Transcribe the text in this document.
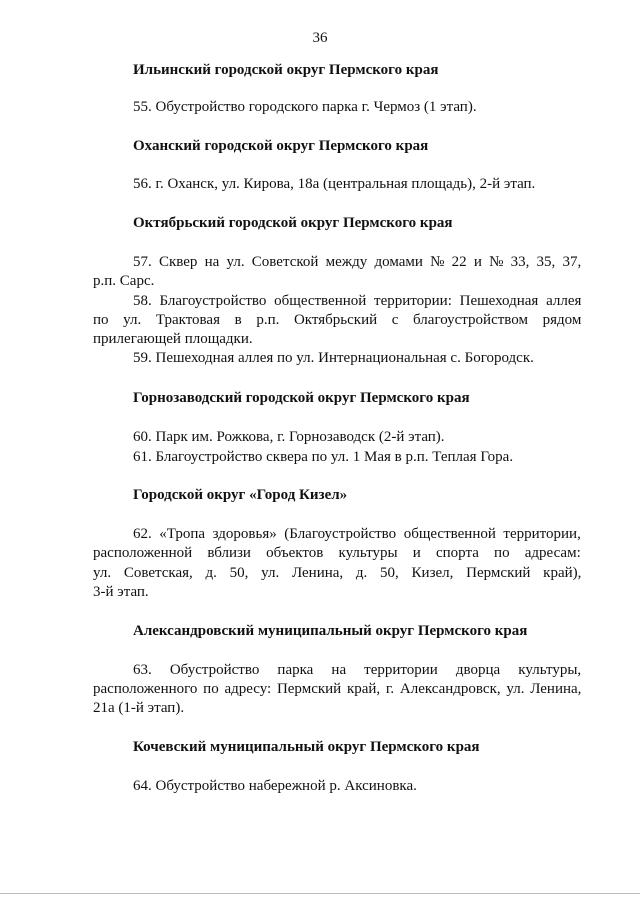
36
Ильинский городской округ Пермского края
55. Обустройство городского парка г. Чермоз (1 этап).
Оханский городской округ Пермского края
56. г. Оханск, ул. Кирова, 18а (центральная площадь), 2-й этап.
Октябрьский городской округ Пермского края
57. Сквер на ул. Советской между домами № 22 и № 33, 35, 37,
р.п. Сарс.
58. Благоустройство общественной территории: Пешеходная аллея
по ул. Трактовая в р.п. Октябрьский с благоустройством рядом
прилегающей площадки.
59. Пешеходная аллея по ул. Интернациональная с. Богородск.
Горнозаводский городской округ Пермского края
60. Парк им. Рожкова, г. Горнозаводск (2-й этап).
61. Благоустройство сквера по ул. 1 Мая в р.п. Теплая Гора.
Городской округ «Город Кизел»
62. «Тропа здоровья» (Благоустройство общественной территории,
расположенной вблизи объектов культуры и спорта по адресам:
ул. Советская, д. 50, ул. Ленина, д. 50, Кизел, Пермский край),
3-й этап.
Александровский муниципальный округ Пермского края
63. Обустройство парка на территории дворца культуры,
расположенного по адресу: Пермский край, г. Александровск, ул. Ленина,
21а (1-й этап).
Кочевский муниципальный округ Пермского края
64. Обустройство набережной р. Аксиновка.
